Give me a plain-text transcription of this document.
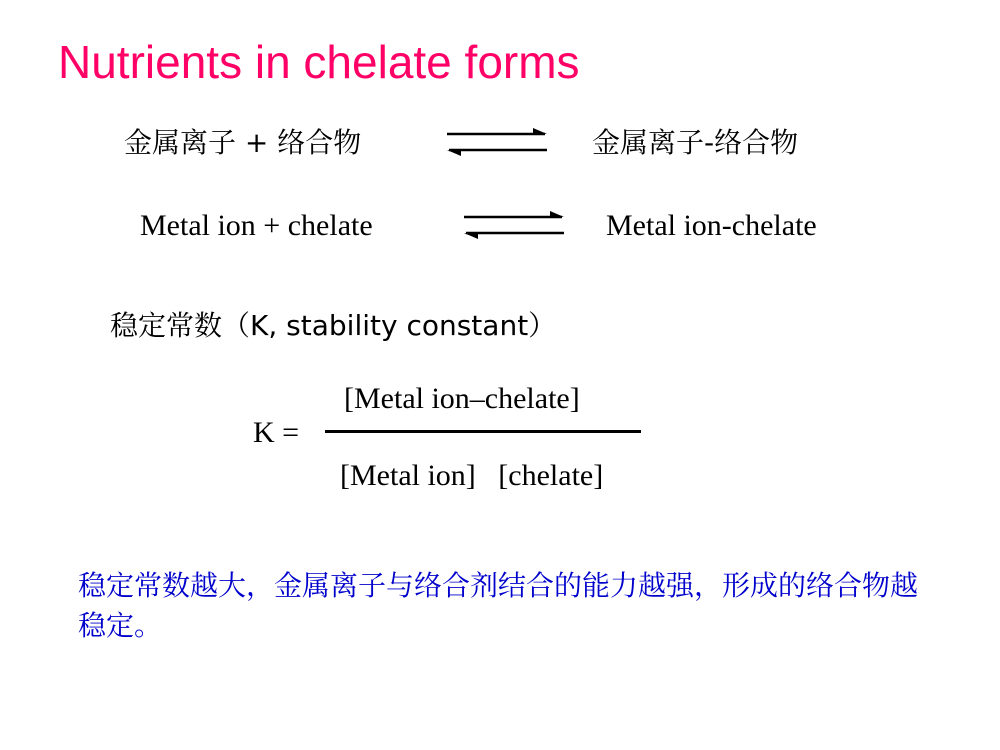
Nutrients in chelate forms
金属离子 + 络合物	金属离子-络合物
Metal ion + chelate	Metal ion-chelate
稳定常数（K, stability constant）
[Metal ion–chelate]
K =
[Metal ion]   [chelate]

稳定常数越大，金属离子与络合剂结合的能力越强，形成的络合物越稳定。
